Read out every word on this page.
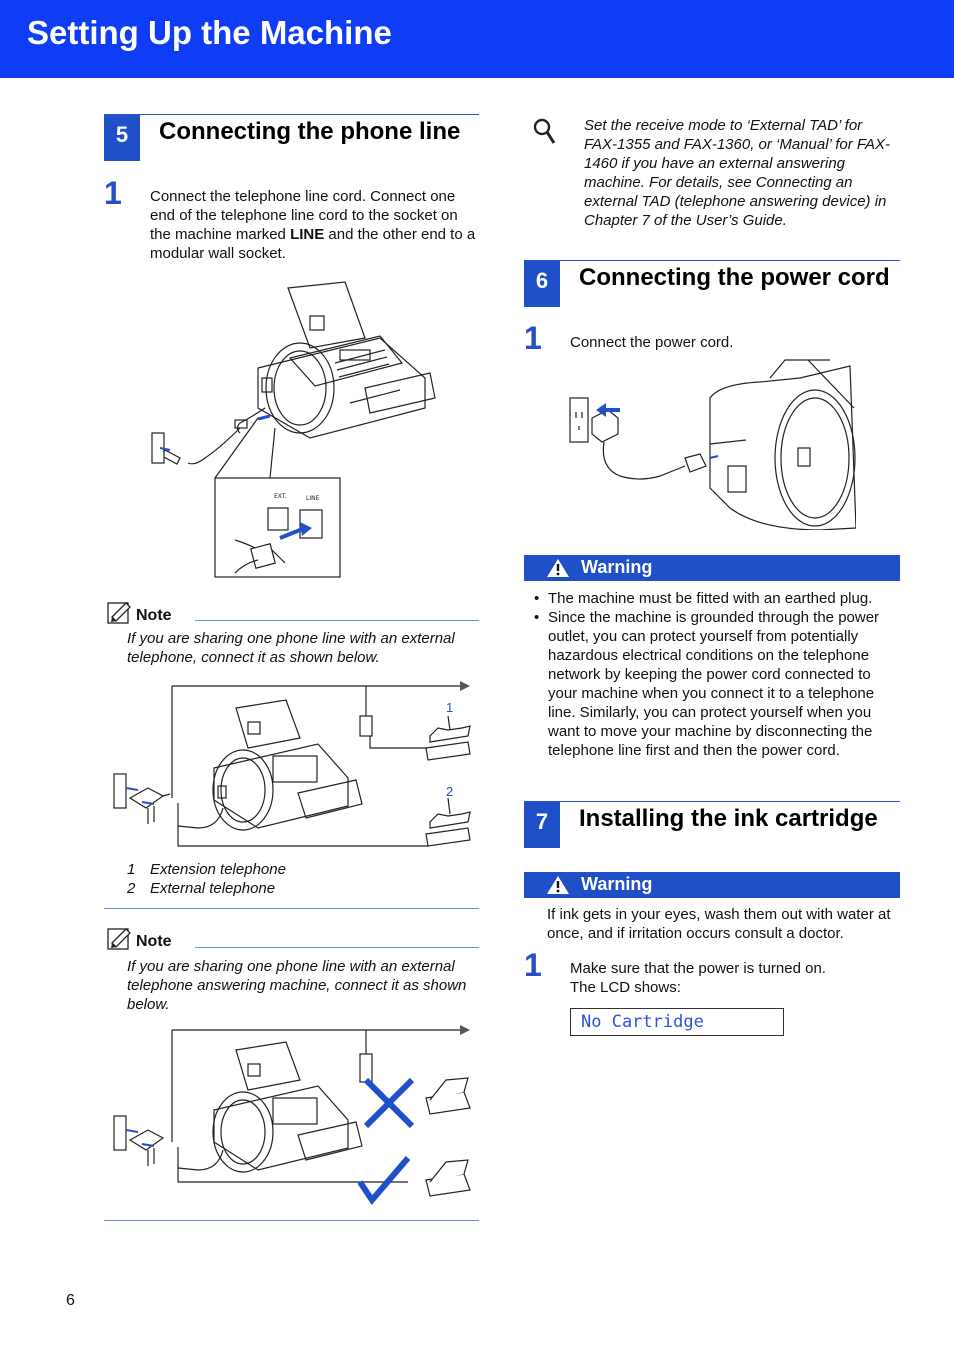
Setting Up the Machine
5	Connecting the phone line
1 Connect the telephone line cord. Connect one end of the telephone line cord to the socket on the machine marked LINE and the other end to a modular wall socket.
EXT.	LINE
Note
If you are sharing one phone line with an external telephone, connect it as shown below.
1
2
1 Extension telephone
2 External telephone
Note
If you are sharing one phone line with an external telephone answering machine, connect it as shown below.
Set the receive mode to ‘External TAD’ for FAX-1355 and FAX-1360, or ‘Manual’ for FAX-1460 if you have an external answering machine. For details, see Connecting an external TAD (telephone answering device) in Chapter 7 of the User’s Guide.
6	Connecting the power cord
1 Connect the power cord.
Warning
• The machine must be fitted with an earthed plug.
• Since the machine is grounded through the power outlet, you can protect yourself from potentially hazardous electrical conditions on the telephone network by keeping the power cord connected to your machine when you connect it to a telephone line. Similarly, you can protect yourself when you want to move your machine by disconnecting the telephone line first and then the power cord.
7	Installing the ink cartridge
Warning
If ink gets in your eyes, wash them out with water at once, and if irritation occurs consult a doctor.
1 Make sure that the power is turned on.
The LCD shows:
No Cartridge
6
